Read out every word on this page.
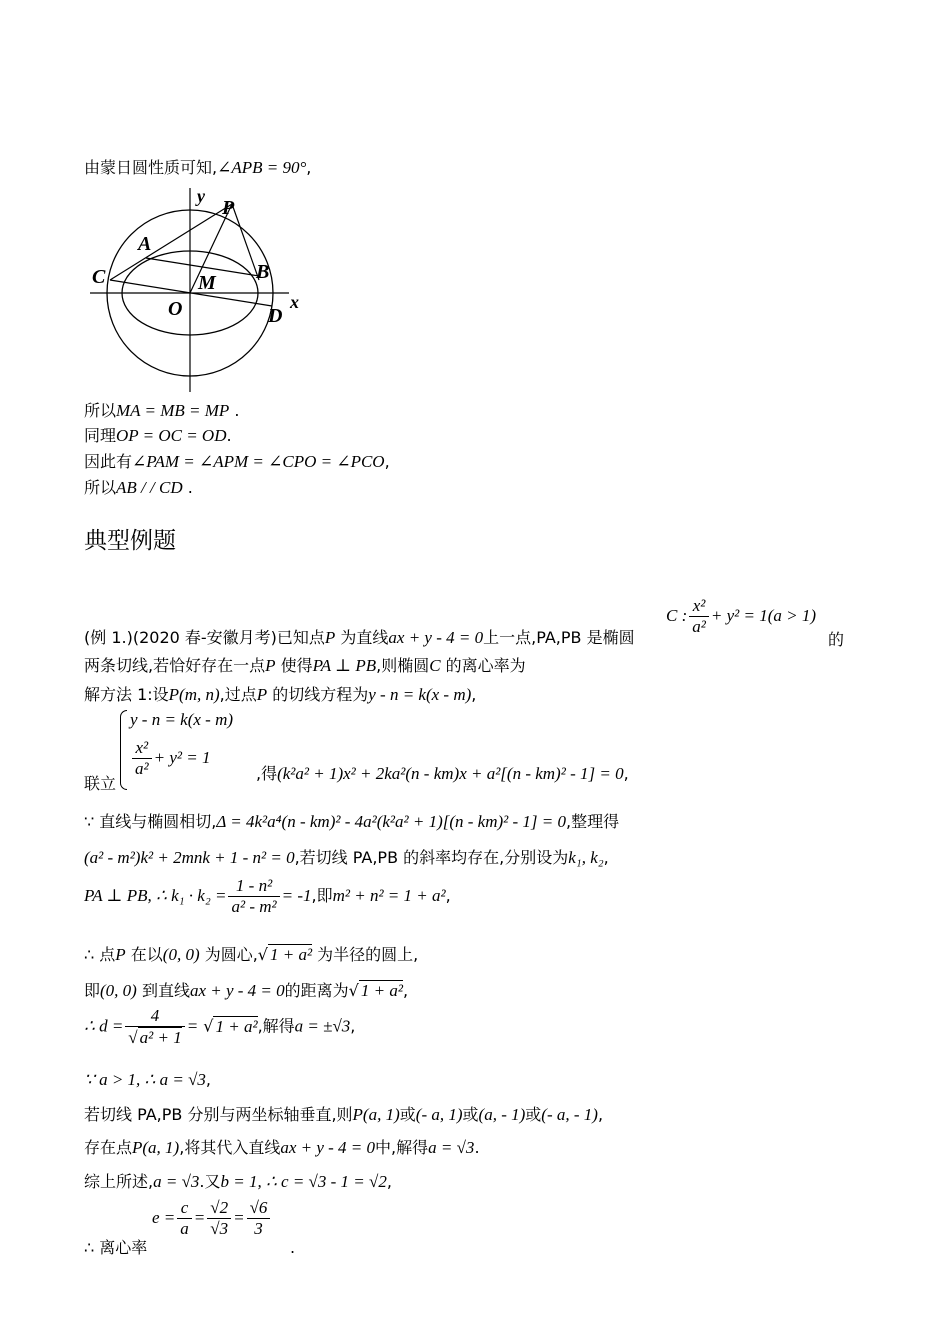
由蒙日圆性质可知,∠APB = 90°,
y
P
A
C	M B
O	x
D
所以MA = MB = MP .
同理OP = OC = OD.
因此有∠PAM = ∠APM = ∠CPO = ∠PCO,
所以AB / / CD .
典型例题
(例 1.)(2020 春-安徽月考)已知点P 为直线ax + y - 4 = 0上一点,PA,PB 是椭圆
C : $\frac{\text{x²}}{\text{a²}} + y^2 = 1(a > 1)$
的
两条切线,若恰好存在一点P 使得PA ⊥ PB,则椭圆C 的离心率为
解方法 1:设P(m, n),过点P 的切线方程为y - n = k(x - m),
y - n = k(x - m)
$\frac{\text{x²}}{\text{a²}} + y^2 = 1$
联立
,得(k²a² + 1)x² + 2ka²(n - km)x + a²[(n - km)² - 1] = 0,
∵ 直线与椭圆相切,Δ = 4k²a⁴(n - km)² - 4a²(k²a² + 1)[(n - km)² - 1] = 0,整理得
(a² - m²)k² + 2mnk + 1 - n² = 0,若切线 PA,PB 的斜率均存在,分别设为k₁, k₂,
PA ⊥ PB, ∴ $k_1 \cdot k_2 = \frac{\text{1 - n²}}{\text{a² - m²}} = -1$,即m² + n² = 1 + a²,
∴ 点P 在以(0, 0) 为圆心,√ 1 + a² 为半径的圆上,
即(0, 0) 到直线ax + y - 4 = 0的距离为√ 1 + a²,
∴ $d = \frac{4}{\text{√ a² + 1}}$ = √ 1 + a²,解得a = ±√3,
∵ a > 1, ∴ a = √3,
若切线 PA,PB 分别与两坐标轴垂直,则P(a, 1)或(- a, 1)或(a, - 1)或(- a, - 1),
存在点P(a, 1),将其代入直线ax + y - 4 = 0中,解得a = √3.
综上所述,a = √3.又b = 1, ∴ c = √3 - 1 = √2,
∴ 离心率
$e = \frac{c}{a} = \frac{√2}{√3} = \frac{√6}{3}$
.
